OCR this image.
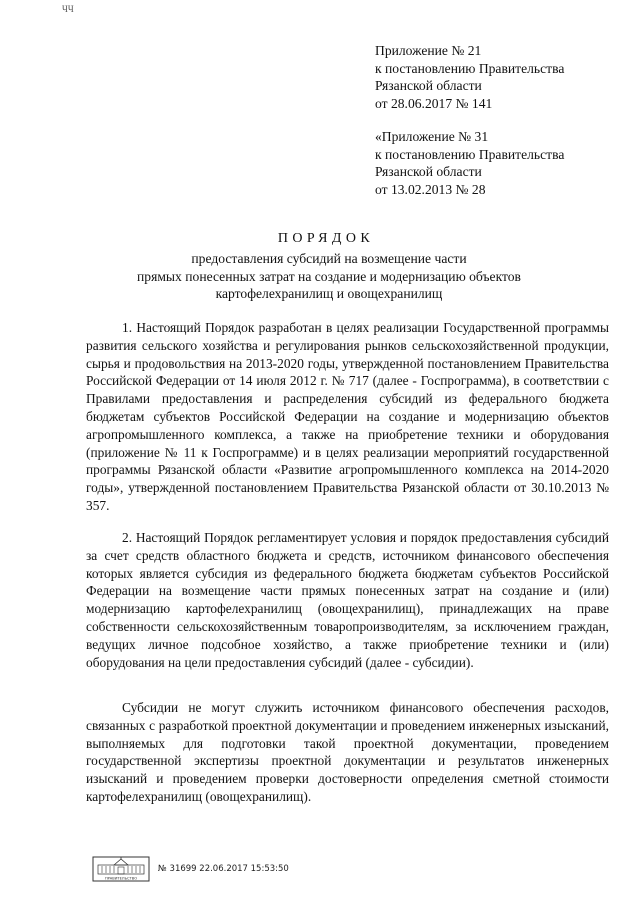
ЧЧ
Приложение № 21
к постановлению Правительства
Рязанской области
от 28.06.2017 № 141
«Приложение № 31
к постановлению Правительства
Рязанской области
от 13.02.2013 № 28
ПОРЯДОК
предоставления субсидий на возмещение части
прямых понесенных затрат на создание и модернизацию объектов
картофелехранилищ и овощехранилищ

1. Настоящий Порядок разработан в целях реализации Государственной программы развития сельского хозяйства и регулирования рынков сельскохозяйственной продукции, сырья и продовольствия на 2013-2020 годы, утвержденной постановлением Правительства Российской Федерации от 14 июля 2012 г. № 717 (далее - Госпрограмма), в соответствии с Правилами предоставления и распределения субсидий из федерального бюджета бюджетам субъектов Российской Федерации на создание и модернизацию объектов агропромышленного комплекса, а также на приобретение техники и оборудования (приложение № 11 к Госпрограмме) и в целях реализации мероприятий государственной программы Рязанской области «Развитие агропромышленного комплекса на 2014-2020 годы», утвержденной постановлением Правительства Рязанской области от 30.10.2013 № 357.

2. Настоящий Порядок регламентирует условия и порядок предоставления субсидий за счет средств областного бюджета и средств, источником финансового обеспечения которых является субсидия из федерального бюджета бюджетам субъектов Российской Федерации на возмещение части прямых понесенных затрат на создание и (или) модернизацию картофелехранилищ (овощехранилищ), принадлежащих на праве собственности сельскохозяйственным товаропроизводителям, за исключением граждан, ведущих личное подсобное хозяйство, а также приобретение техники и (или) оборудования на цели предоставления субсидий (далее - субсидии).

Субсидии не могут служить источником финансового обеспечения расходов, связанных с разработкой проектной документации и проведением инженерных изысканий, выполняемых для подготовки такой проектной документации, проведением государственной экспертизы проектной документации и результатов инженерных изысканий и проведением проверки достоверности определения сметной стоимости картофелехранилищ (овощехранилищ).

ПРАВИТЕЛЬСТВО
№ 31699 22.06.2017 15:53:50
